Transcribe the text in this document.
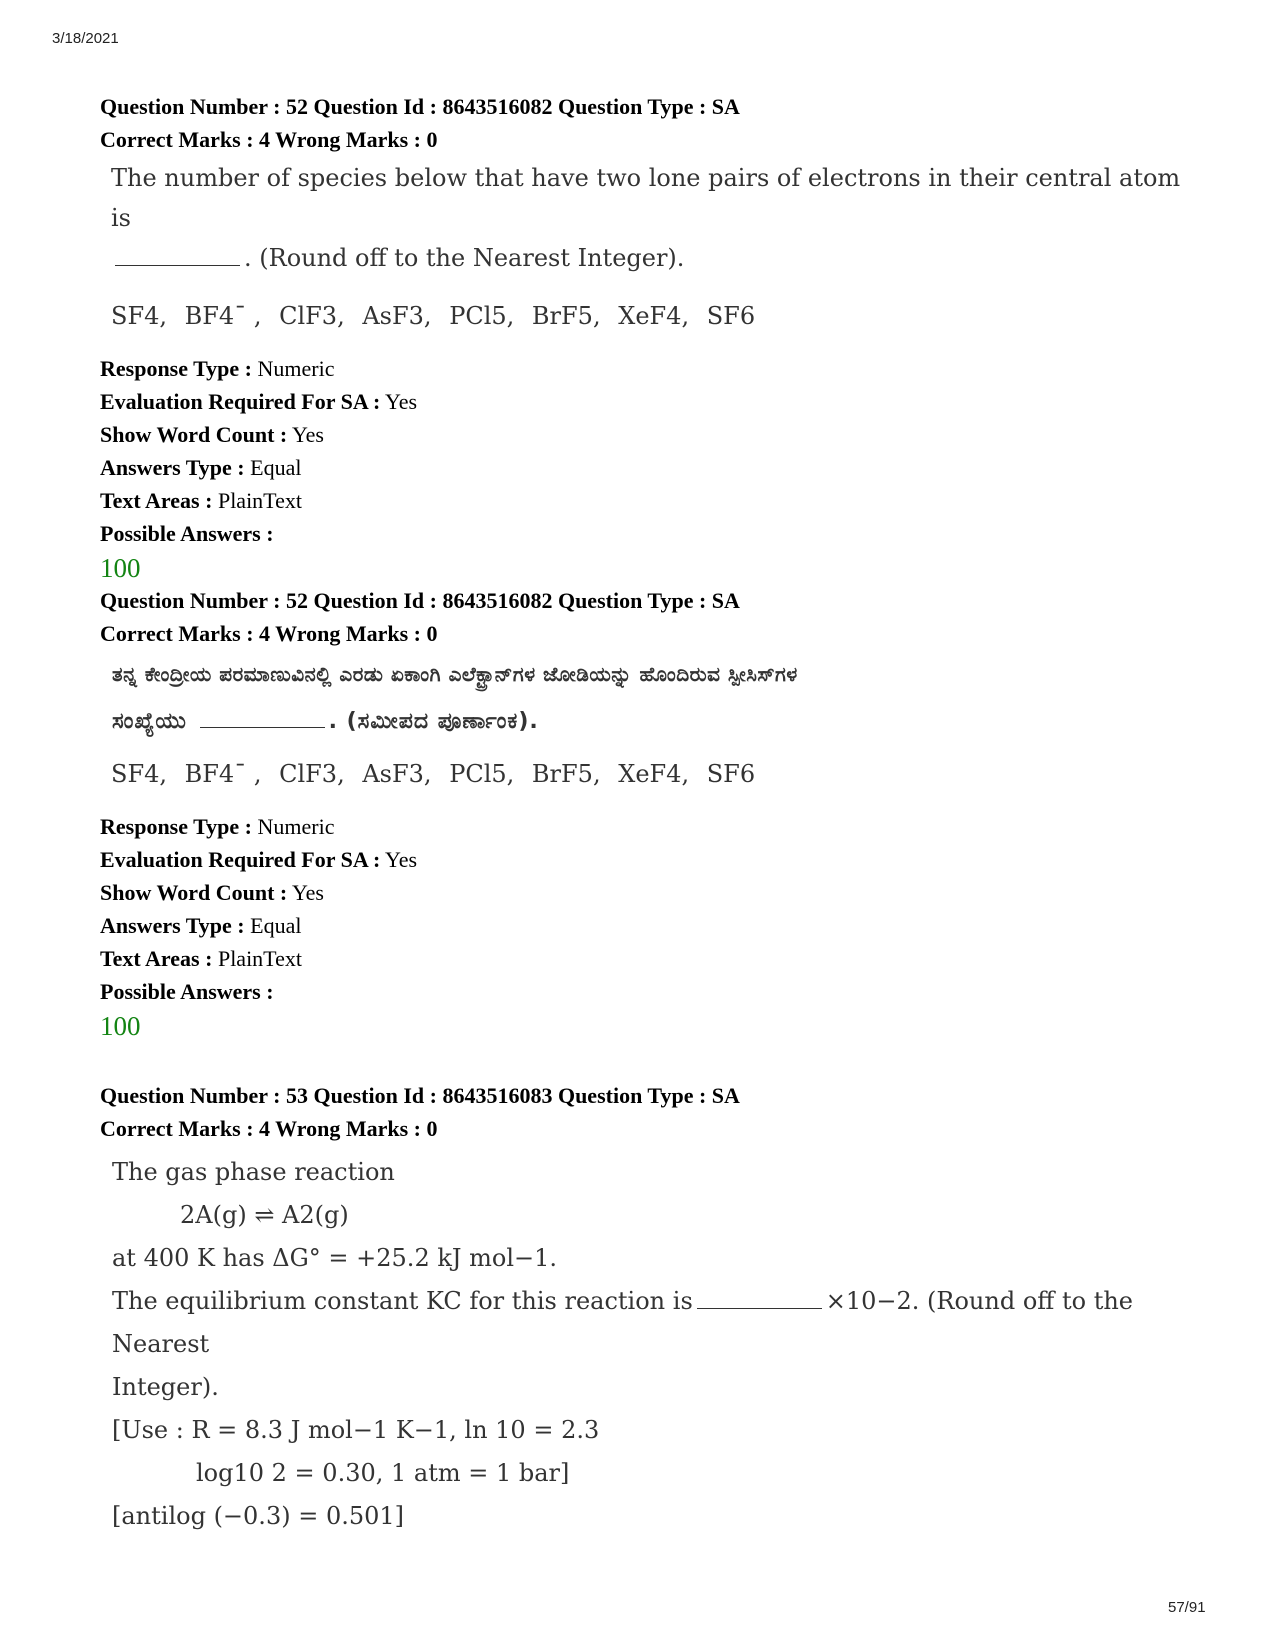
3/18/2021
Question Number : 52 Question Id : 8643516082 Question Type : SA
Correct Marks : 4 Wrong Marks : 0
The number of species below that have two lone pairs of electrons in their central atom is
. (Round off to the Nearest Integer).
SF4, BF4¯ , ClF3, AsF3, PCl5, BrF5, XeF4, SF6
Response Type : Numeric
Evaluation Required For SA : Yes
Show Word Count : Yes
Answers Type : Equal
Text Areas : PlainText
Possible Answers :
100
Question Number : 52 Question Id : 8643516082 Question Type : SA
Correct Marks : 4 Wrong Marks : 0
ತನ್ನ ಕೇಂದ್ರೀಯ ಪರಮಾಣುವಿನಲ್ಲಿ ಎರಡು ಏಕಾಂಗಿ ಎಲೆಕ್ಟ್ರಾನ್‌ಗಳ ಜೋಡಿಯನ್ನು ಹೊಂದಿರುವ ಸ್ಪೀಸಿಸ್‌ಗಳ
ಸಂಖ್ಯೆಯು	. (ಸಮೀಪದ ಪೂರ್ಣಾಂಕ).
SF4, BF4¯ , ClF3, AsF3, PCl5, BrF5, XeF4, SF6
Response Type : Numeric
Evaluation Required For SA : Yes
Show Word Count : Yes
Answers Type : Equal
Text Areas : PlainText
Possible Answers :
100
Question Number : 53 Question Id : 8643516083 Question Type : SA
Correct Marks : 4 Wrong Marks : 0
The gas phase reaction
2A(g) ⇌ A2(g)
at 400 K has ΔG° = +25.2 kJ mol−1.
The equilibrium constant KC for this reaction is	×10−2. (Round off to the Nearest
Integer).
[Use : R = 8.3 J mol−1 K−1, ln 10 = 2.3
log10 2 = 0.30, 1 atm = 1 bar]
[antilog (−0.3) = 0.501]
57/91
